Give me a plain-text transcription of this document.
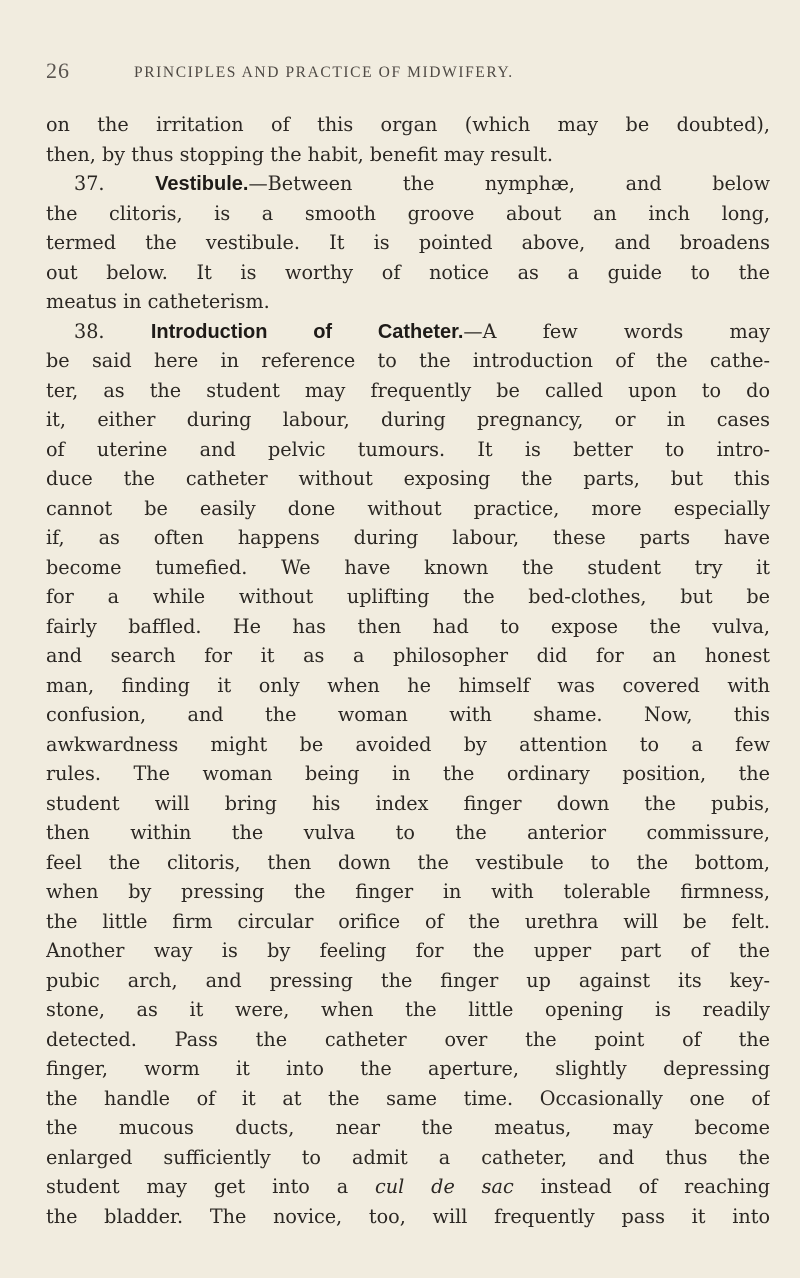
26	PRINCIPLES AND PRACTICE OF MIDWIFERY.
on the irritation of this organ (which may be doubted),
then, by thus stopping the habit, benefit may result.
37.	Vestibule.—Between the nymphæ, and below
the clitoris, is a smooth groove about an inch long,
termed the vestibule. It is pointed above, and broadens
out below. It is worthy of notice as a guide to the
meatus in catheterism.
38. Introduction of Catheter.—A few words may
be said here in reference to the introduction of the cathe-
ter, as the student may frequently be called upon to do
it, either during labour, during pregnancy, or in cases
of uterine and pelvic tumours. It is better to intro-
duce the catheter without exposing the parts, but this
cannot be easily done without practice, more especially
if, as often happens during labour, these parts have
become tumefied. We have known the student try it
for a while without uplifting the bed-clothes, but be
fairly baffled. He has then had to expose the vulva,
and search for it as a philosopher did for an honest
man, finding it only when he himself was covered with
confusion, and the woman with shame. Now, this
awkwardness might be avoided by attention to a few
rules. The woman being in the ordinary position, the
student will bring his index finger down the pubis,
then within the vulva to the anterior commissure,
feel the clitoris, then down the vestibule to the bottom,
when by pressing the finger in with tolerable firmness,
the little firm circular orifice of the urethra will be felt.
Another way is by feeling for the upper part of the
pubic arch, and pressing the finger up against its key-
stone, as it were, when the little opening is readily
detected. Pass the catheter over the point of the
finger, worm it into the aperture, slightly depressing
the handle of it at the same time. Occasionally one of
the mucous ducts, near the meatus, may become
enlarged sufficiently to admit a catheter, and thus the
student may get into a cul de sac instead of reaching
the bladder. The novice, too, will frequently pass it into
